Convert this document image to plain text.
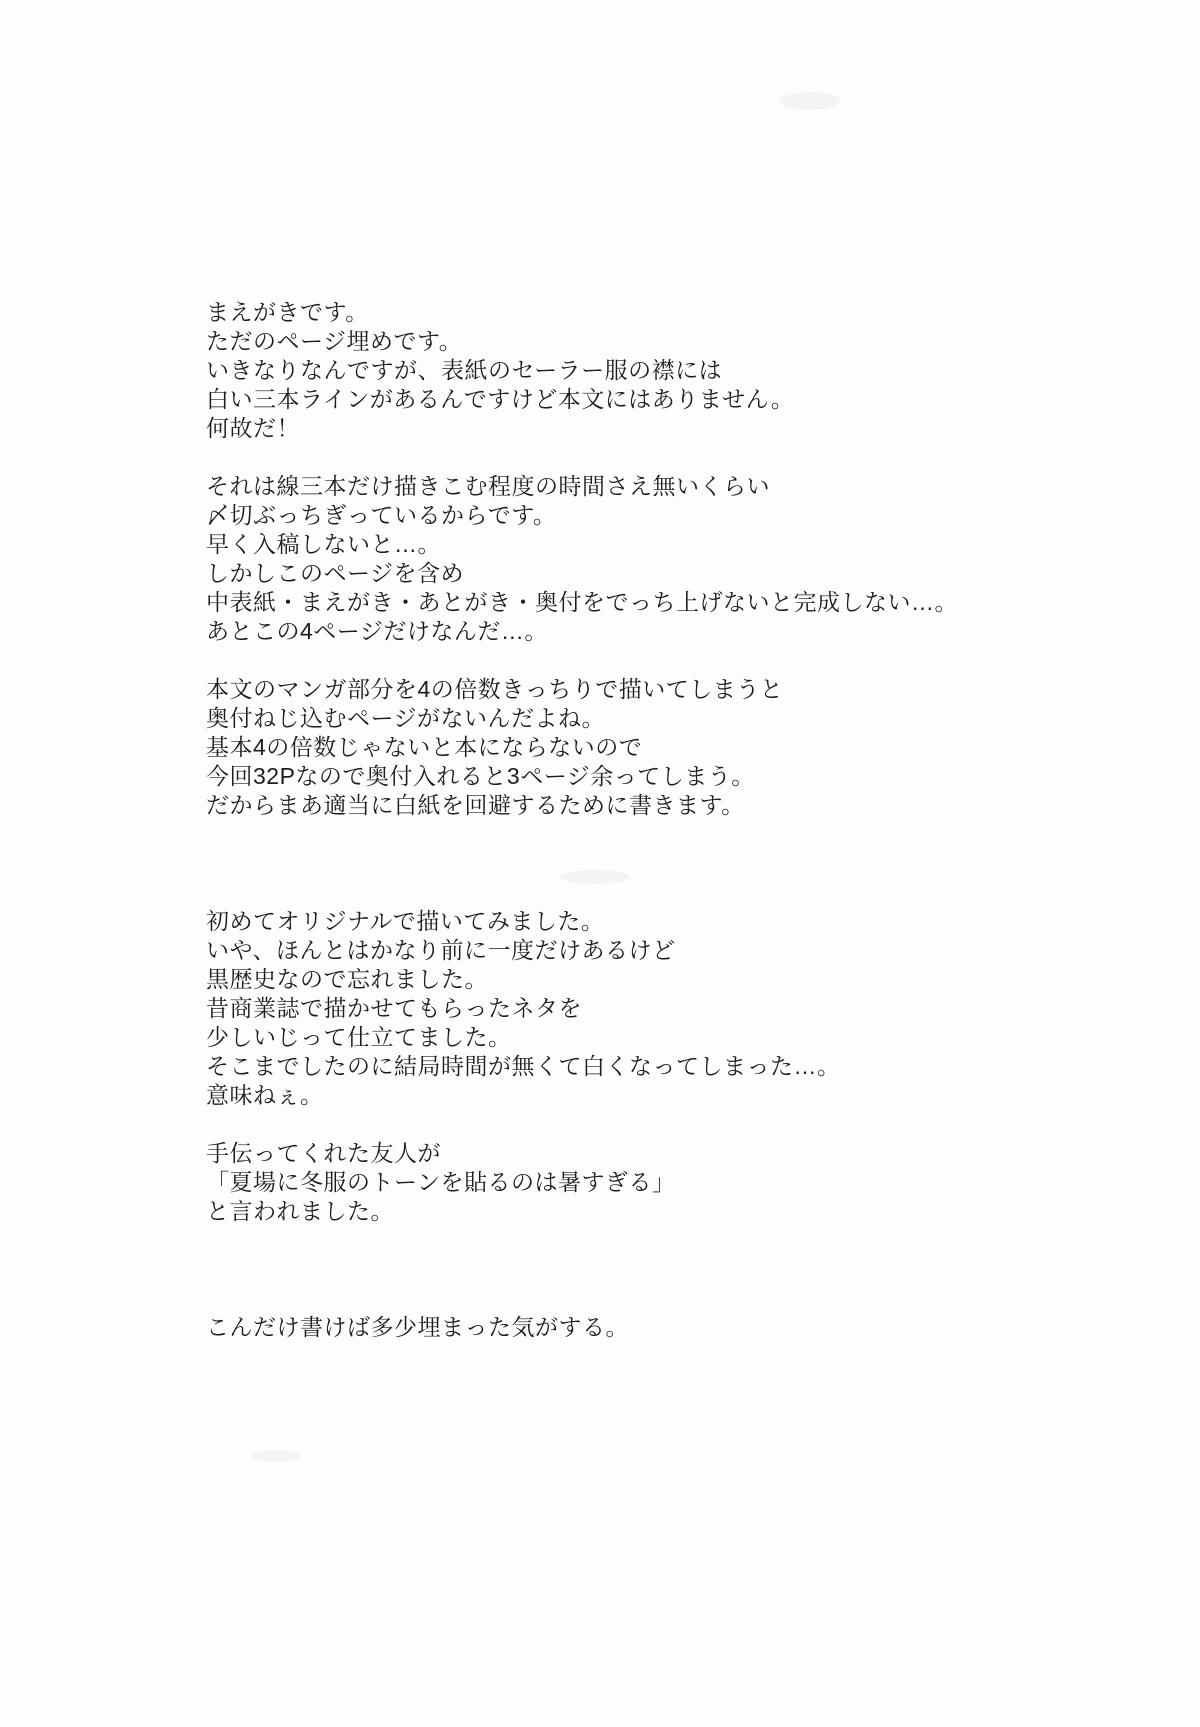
まえがきです。
ただのページ埋めです。
いきなりなんですが、表紙のセーラー服の襟には
白い三本ラインがあるんですけど本文にはありません。
何故だ！

それは線三本だけ描きこむ程度の時間さえ無いくらい
〆切ぶっちぎっているからです。
早く入稿しないと…。
しかしこのページを含め
中表紙・まえがき・あとがき・奥付をでっち上げないと完成しない…。
あとこの4ページだけなんだ…。

本文のマンガ部分を4の倍数きっちりで描いてしまうと
奥付ねじ込むページがないんだよね。
基本4の倍数じゃないと本にならないので
今回32Pなので奥付入れると3ページ余ってしまう。
だからまあ適当に白紙を回避するために書きます。

初めてオリジナルで描いてみました。
いや、ほんとはかなり前に一度だけあるけど
黒歴史なので忘れました。
昔商業誌で描かせてもらったネタを
少しいじって仕立てました。
そこまでしたのに結局時間が無くて白くなってしまった…。
意味ねぇ。

手伝ってくれた友人が
「夏場に冬服のトーンを貼るのは暑すぎる」
と言われました。

こんだけ書けば多少埋まった気がする。
